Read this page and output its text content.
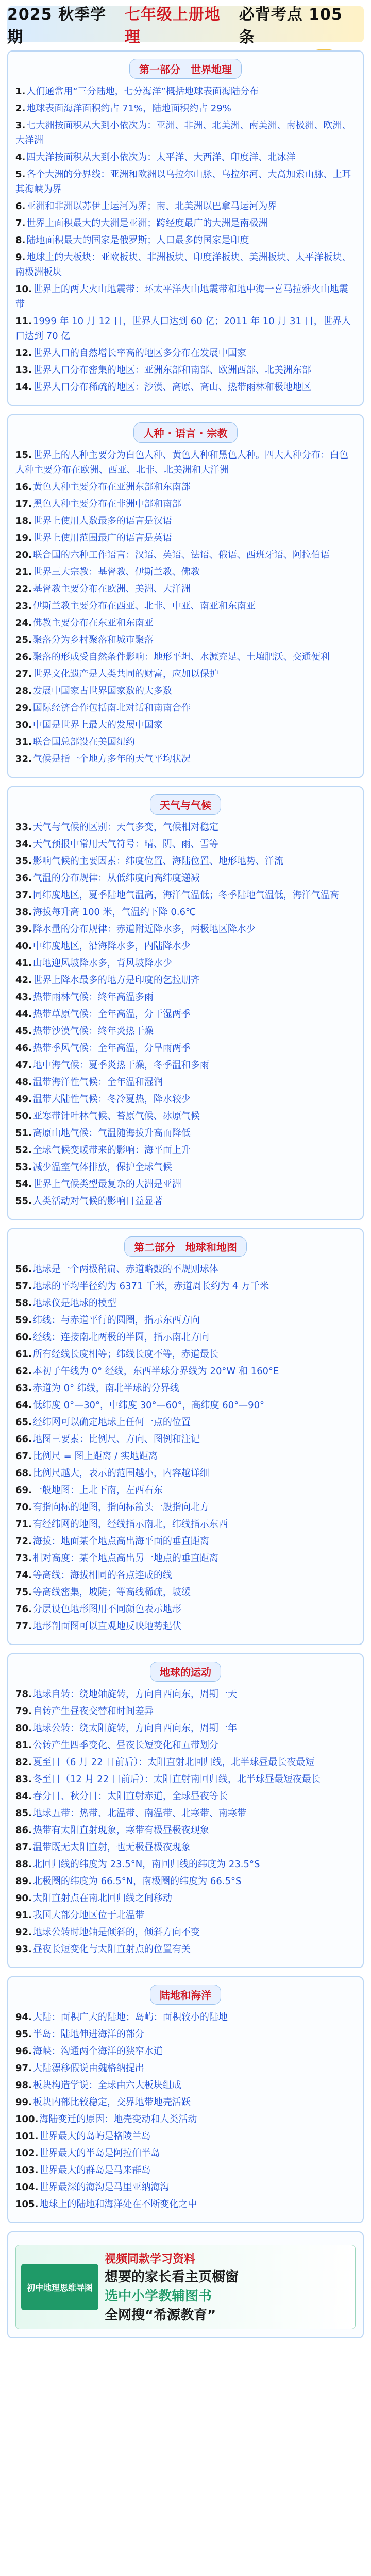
2025 秋季学期
七年级上册地理
必背考点 105 条
第一部分　世界地理
1. 人们通常用“三分陆地，七分海洋”概括地球表面海陆分布
2. 地球表面海洋面积约占 71%，陆地面积约占 29%
3. 七大洲按面积从大到小依次为：亚洲、非洲、北美洲、南美洲、南极洲、欧洲、大洋洲
4. 四大洋按面积从大到小依次为：太平洋、大西洋、印度洋、北冰洋
5. 各个大洲的分界线：亚洲和欧洲以乌拉尔山脉、乌拉尔河、大高加索山脉、土耳其海峡为界
6. 亚洲和非洲以苏伊士运河为界；南、北美洲以巴拿马运河为界
7. 世界上面积最大的大洲是亚洲；跨经度最广的大洲是南极洲
8. 陆地面积最大的国家是俄罗斯；人口最多的国家是印度
9. 地球上的大板块：亚欧板块、非洲板块、印度洋板块、美洲板块、太平洋板块、南极洲板块
10. 世界上的两大火山地震带：环太平洋火山地震带和地中海一喜马拉雅火山地震带
11. 1999 年 10 月 12 日，世界人口达到 60 亿；2011 年 10 月 31 日，世界人口达到 70 亿
12. 世界人口的自然增长率高的地区多分布在发展中国家
13. 世界人口分布密集的地区：亚洲东部和南部、欧洲西部、北美洲东部
14. 世界人口分布稀疏的地区：沙漠、高原、高山、热带雨林和极地地区
人种 · 语言 · 宗教
15. 世界上的人种主要分为白色人种、黄色人种和黑色人种。四大人种分布：白色人种主要分布在欧洲、西亚、北非、北美洲和大洋洲
16. 黄色人种主要分布在亚洲东部和东南部
17. 黑色人种主要分布在非洲中部和南部
18. 世界上使用人数最多的语言是汉语
19. 世界上使用范围最广的语言是英语
20. 联合国的六种工作语言：汉语、英语、法语、俄语、西班牙语、阿拉伯语
21. 世界三大宗教：基督教、伊斯兰教、佛教
22. 基督教主要分布在欧洲、美洲、大洋洲
23. 伊斯兰教主要分布在西亚、北非、中亚、南亚和东南亚
24. 佛教主要分布在东亚和东南亚
25. 聚落分为乡村聚落和城市聚落
26. 聚落的形成受自然条件影响：地形平坦、水源充足、土壤肥沃、交通便利
27. 世界文化遗产是人类共同的财富，应加以保护
28. 发展中国家占世界国家数的大多数
29. 国际经济合作包括南北对话和南南合作
30. 中国是世界上最大的发展中国家
31. 联合国总部设在美国纽约
32. 气候是指一个地方多年的天气平均状况
天气与气候
33. 天气与气候的区别：天气多变，气候相对稳定
34. 天气预报中常用天气符号：晴、阴、雨、雪等
35. 影响气候的主要因素：纬度位置、海陆位置、地形地势、洋流
36. 气温的分布规律：从低纬度向高纬度递减
37. 同纬度地区，夏季陆地气温高，海洋气温低；冬季陆地气温低，海洋气温高
38. 海拔每升高 100 米，气温约下降 0.6℃
39. 降水量的分布规律：赤道附近降水多，两极地区降水少
40. 中纬度地区，沿海降水多，内陆降水少
41. 山地迎风坡降水多，背风坡降水少
42. 世界上降水最多的地方是印度的乞拉朋齐
43. 热带雨林气候：终年高温多雨
44. 热带草原气候：全年高温，分干湿两季
45. 热带沙漠气候：终年炎热干燥
46. 热带季风气候：全年高温，分旱雨两季
47. 地中海气候：夏季炎热干燥，冬季温和多雨
48. 温带海洋性气候：全年温和湿润
49. 温带大陆性气候：冬冷夏热，降水较少
50. 亚寒带针叶林气候、苔原气候、冰原气候
51. 高原山地气候：气温随海拔升高而降低
52. 全球气候变暖带来的影响：海平面上升
53. 减少温室气体排放，保护全球气候
54. 世界上气候类型最复杂的大洲是亚洲
55. 人类活动对气候的影响日益显著
第二部分　地球和地图
56. 地球是一个两极稍扁、赤道略鼓的不规则球体
57. 地球的平均半径约为 6371 千米，赤道周长约为 4 万千米
58. 地球仪是地球的模型
59. 纬线：与赤道平行的圆圈，指示东西方向
60. 经线：连接南北两极的半圆，指示南北方向
61. 所有经线长度相等；纬线长度不等，赤道最长
62. 本初子午线为 0° 经线，东西半球分界线为 20°W 和 160°E
63. 赤道为 0° 纬线，南北半球的分界线
64. 低纬度 0°—30°，中纬度 30°—60°，高纬度 60°—90°
65. 经纬网可以确定地球上任何一点的位置
66. 地图三要素：比例尺、方向、图例和注记
67. 比例尺 = 图上距离 / 实地距离
68. 比例尺越大，表示的范围越小，内容越详细
69. 一般地图：上北下南，左西右东
70. 有指向标的地图，指向标箭头一般指向北方
71. 有经纬网的地图，经线指示南北，纬线指示东西
72. 海拔：地面某个地点高出海平面的垂直距离
73. 相对高度：某个地点高出另一地点的垂直距离
74. 等高线：海拔相同的各点连成的线
75. 等高线密集，坡陡；等高线稀疏，坡缓
76. 分层设色地形图用不同颜色表示地形
77. 地形剖面图可以直观地反映地势起伏
地球的运动
78. 地球自转：绕地轴旋转，方向自西向东，周期一天
79. 自转产生昼夜交替和时间差异
80. 地球公转：绕太阳旋转，方向自西向东，周期一年
81. 公转产生四季变化、昼夜长短变化和五带划分
82. 夏至日（6 月 22 日前后）：太阳直射北回归线，北半球昼最长夜最短
83. 冬至日（12 月 22 日前后）：太阳直射南回归线，北半球昼最短夜最长
84. 春分日、秋分日：太阳直射赤道，全球昼夜等长
85. 地球五带：热带、北温带、南温带、北寒带、南寒带
86. 热带有太阳直射现象，寒带有极昼极夜现象
87. 温带既无太阳直射，也无极昼极夜现象
88. 北回归线的纬度为 23.5°N，南回归线的纬度为 23.5°S
89. 北极圈的纬度为 66.5°N，南极圈的纬度为 66.5°S
90. 太阳直射点在南北回归线之间移动
91. 我国大部分地区位于北温带
92. 地球公转时地轴是倾斜的，倾斜方向不变
93. 昼夜长短变化与太阳直射点的位置有关
陆地和海洋
94. 大陆：面积广大的陆地；岛屿：面积较小的陆地
95. 半岛：陆地伸进海洋的部分
96. 海峡：沟通两个海洋的狭窄水道
97. 大陆漂移假说由魏格纳提出
98. 板块构造学说：全球由六大板块组成
99. 板块内部比较稳定，交界地带地壳活跃
100. 海陆变迁的原因：地壳变动和人类活动
101. 世界最大的岛屿是格陵兰岛
102. 世界最大的半岛是阿拉伯半岛
103. 世界最大的群岛是马来群岛
104. 世界最深的海沟是马里亚纳海沟
105. 地球上的陆地和海洋处在不断变化之中
初中地理思维导图
视频同款学习资料
想要的家长看主页橱窗
选中小学教辅图书
全网搜“希源教育”
